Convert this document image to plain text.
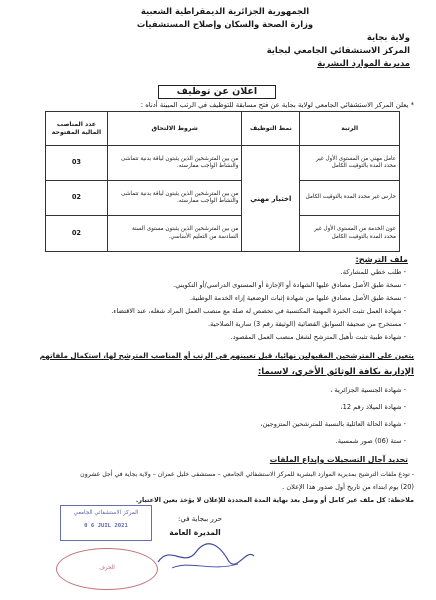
الجمهورية الجزائرية الديمقراطية الشعبية
وزارة الصحة والسكان وإصلاح المستشفيات
ولاية بجاية
المركز الاستشفائي الجامعي لبجاية
مديرية الموارد البشرية
اعلان عن توظيف
* يعلن المركز الاستشفائي الجامعي لولاية بجاية عن فتح مسابقة للتوظيف في الرتب المبينة أدناه :
الرتبة	نمط التوظيف	شروط الالتحاق	عدد المناصب المالية المفتوحة
عامل مهني من المستوى الأول غير محدد المدة بالتوقيت الكامل	اختبار مهني	من بين المترشحين الذين يثبتون لياقة بدنية تتماشى والنشاط الواجب ممارسته.	03
حارس غير محدد المدة بالتوقيت الكامل		من بين المترشحين الذين يثبتون لياقة بدنية تتماشى والنشاط الواجب ممارسته.	02
عون الخدمة من المستوى الأول غير محدد المدة بالتوقيت الكامل		من بين المترشحين الذين يثبتون مستوى السنة السادسة من التعليم الأساسي.	02
ملف الترشح:
- طلب خطي للمشاركة.
- نسخة طبق الأصل مصادق عليها الشهادة أو الإجازة أو المستوى الدراسي/أو التكويني.
- نسخة طبق الأصل مصادق عليها من شهادة إثبات الوضعية إزاء الخدمة الوطنية.
- شهادة العمل تثبت الخبرة المهنية المكتسبة في تخصص له صلة مع منصب العمل المراد شغله، عند الاقتضاء.
- مستخرج من صحيفة السوابق القضائية (الوثيقة رقم 3) سارية الصلاحية.
- شهادة طبية تثبت تأهيل المترشح لشغل منصب العمل المقصود.
يتعين على المترشحين المقبولين نهائيا، قبل تعيينهم في الرتب أو المناصب المترشح لها، استكمال ملفاتهم
الإدارية بكافة الوثائق الأخرى، لاسيما:
- شهادة الجنسية الجزائرية ،
- شهادة الميلاد رقم 12،
- شهادة الحالة العائلية بالنسبة للمترشحين المتزوجين،
- ستة (06) صور شمسية.
تحديد آجال التسجيلات وإيداع الملفات
- تودع ملفات الترشيح بمديرية الموارد البشرية للمركز الاستشفائي الجامعي – مستشفى خليل عمران – ولاية بجاية في أجل عشرون
(20) يوم ابتداء من تاريخ أول صدور هذا الإعلان .
ملاحظة: كل ملف غير كامل أو وصل بعد نهاية المدة المحددة للإعلان لا يؤخذ بعين الاعتبار.
حرر ببجاية في:
المديرة العامة
المركز الاستشفائي الجامعي
0 6 JUIL 2021
الحرف
